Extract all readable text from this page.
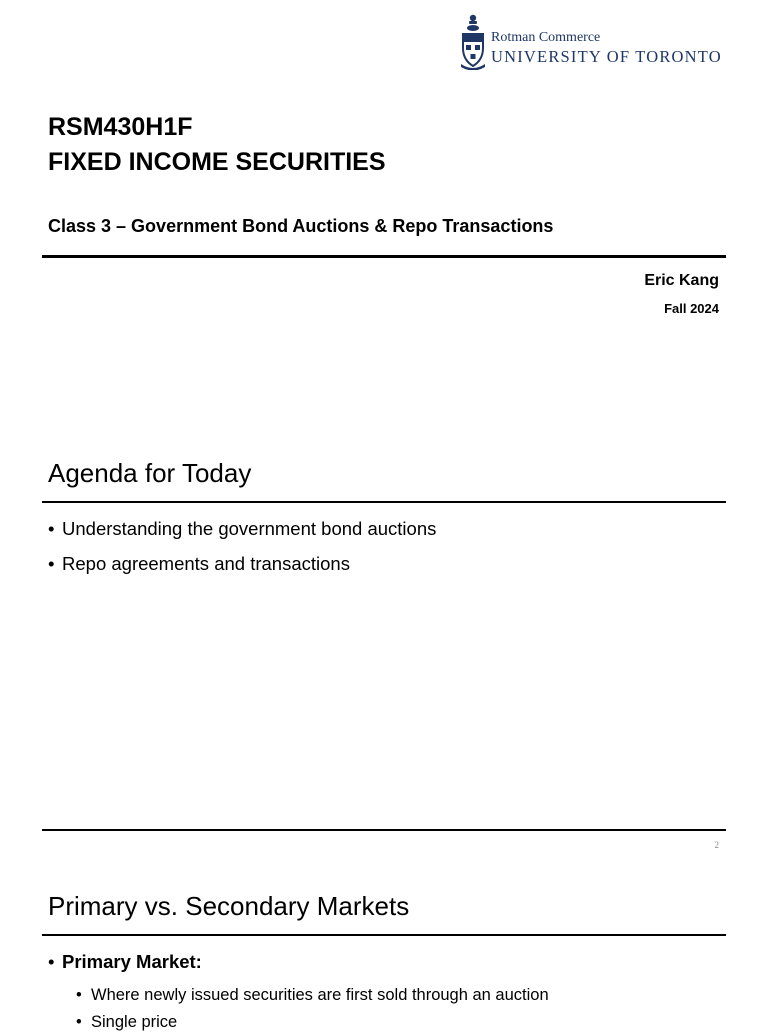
Rotman Commerce
UNIVERSITY OF TORONTO
RSM430H1F
FIXED INCOME SECURITIES
Class 3 – Government Bond Auctions & Repo Transactions
Eric Kang
Fall 2024
Agenda for Today
• Understanding the government bond auctions
• Repo agreements and transactions
2
Primary vs. Secondary Markets
• Primary Market:
• Where newly issued securities are first sold through an auction
• Single price
